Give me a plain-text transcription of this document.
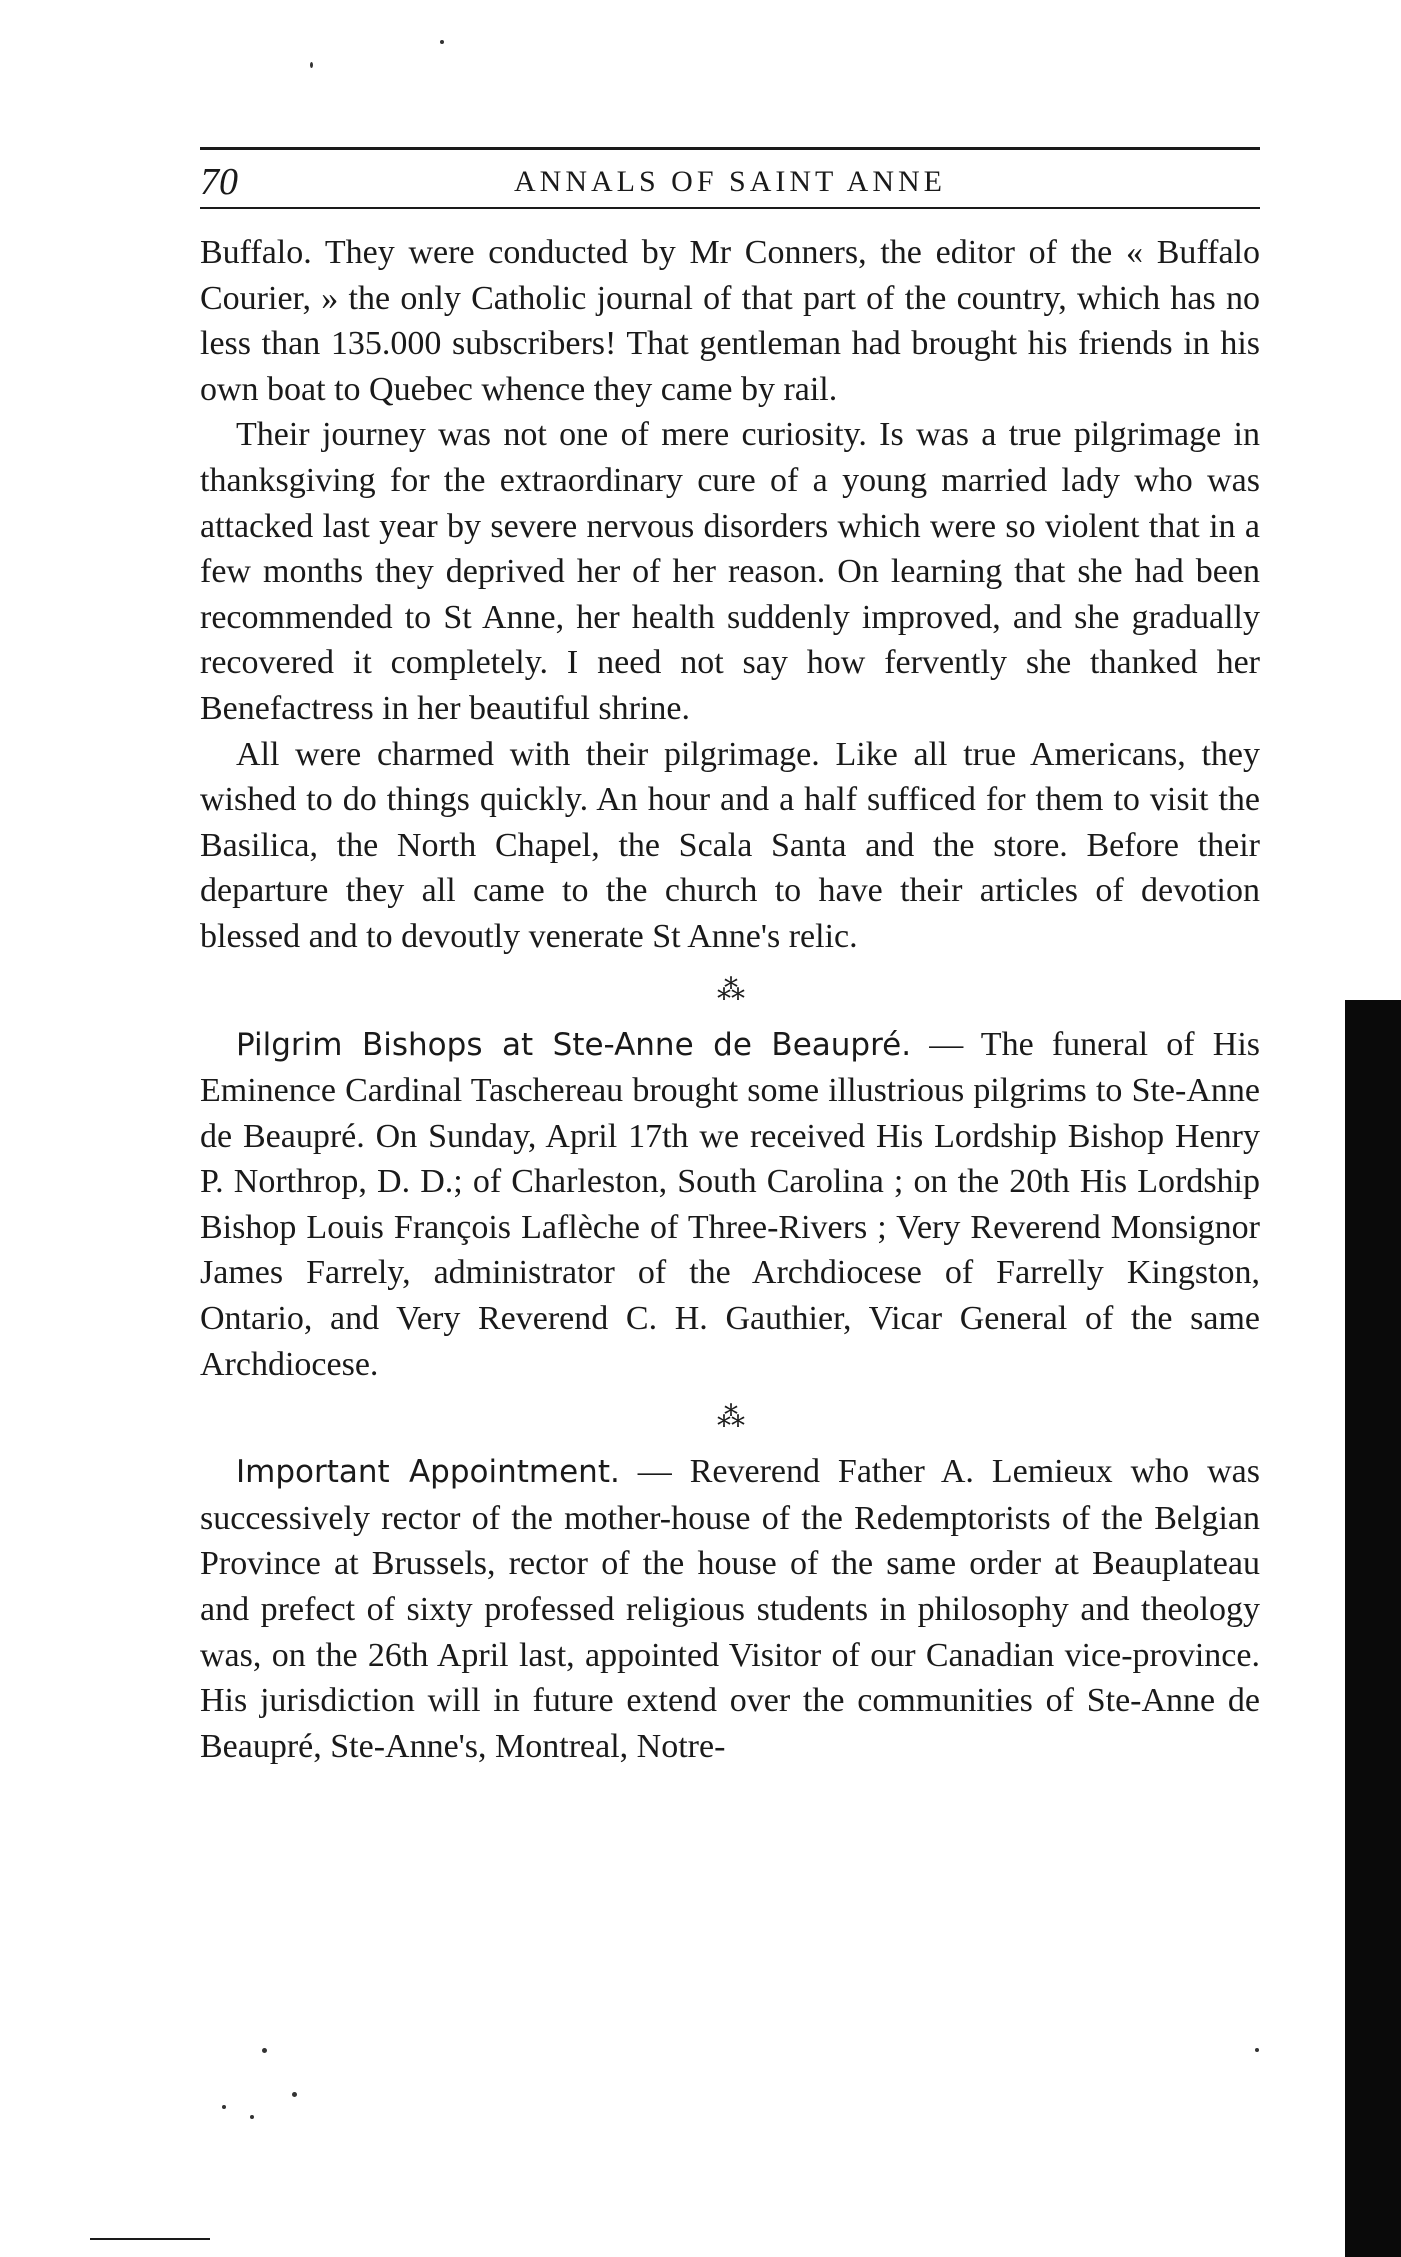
70	ANNALS OF SAINT ANNE

Buffalo. They were conducted by Mr Conners, the editor of the « Buffalo Courier, » the only Catholic journal of that part of the country, which has no less than 135.000 subscribers! That gentleman had brought his friends in his own boat to Quebec whence they came by rail.

Their journey was not one of mere curiosity. Is was a true pilgrimage in thanksgiving for the extraordinary cure of a young married lady who was attacked last year by severe nervous disorders which were so violent that in a few months they deprived her of her reason. On learning that she had been recommended to St Anne, her health suddenly improved, and she gradually recovered it completely. I need not say how fervently she thanked her Benefactress in her beautiful shrine.

All were charmed with their pilgrimage. Like all true Americans, they wished to do things quickly. An hour and a half sufficed for them to visit the Basilica, the North Chapel, the Scala Santa and the store. Before their departure they all came to the church to have their articles of devotion blessed and to devoutly venerate St Anne's relic.

⁂

Pilgrim Bishops at Ste-Anne de Beaupré. — The funeral of His Eminence Cardinal Taschereau brought some illustrious pilgrims to Ste-Anne de Beaupré. On Sunday, April 17th we received His Lordship Bishop Henry P. Northrop, D. D.; of Charleston, South Carolina ; on the 20th His Lordship Bishop Louis François Laflèche of Three-Rivers ; Very Reverend Monsignor James Farrely, administrator of the Archdiocese of Farrelly Kingston, Ontario, and Very Reverend C. H. Gauthier, Vicar General of the same Archdiocese.

⁂

Important Appointment. — Reverend Father A. Lemieux who was successively rector of the mother-house of the Redemptorists of the Belgian Province at Brussels, rector of the house of the same order at Beauplateau and prefect of sixty professed religious students in philosophy and theology was, on the 26th April last, appointed Visitor of our Canadian vice-province. His jurisdiction will in future extend over the communities of Ste-Anne de Beaupré, Ste-Anne's, Montreal, Notre-
